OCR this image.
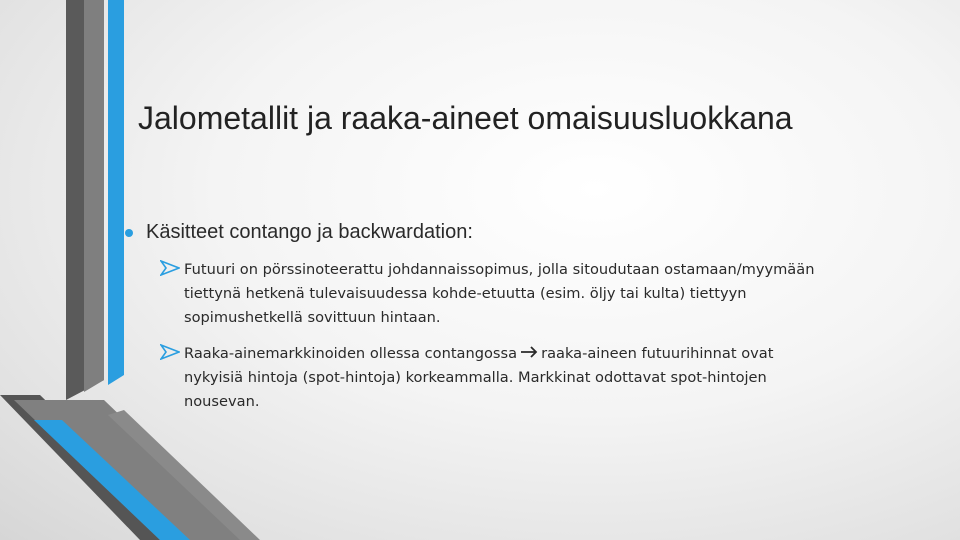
Jalometallit ja raaka-aineet omaisuusluokkana
Käsitteet contango ja backwardation:
Futuuri on pörssinoteerattu johdannaissopimus, jolla sitoudutaan ostamaan/myymään
tiettynä hetkenä tulevaisuudessa kohde-etuutta (esim. öljy tai kulta) tiettyyn
sopimushetkellä sovittuun hintaan.
Raaka-ainemarkkinoiden ollessa contangossa raaka-aineen futuurihinnat ovat
nykyisiä hintoja (spot-hintoja) korkeammalla. Markkinat odottavat spot-hintojen
nousevan.
